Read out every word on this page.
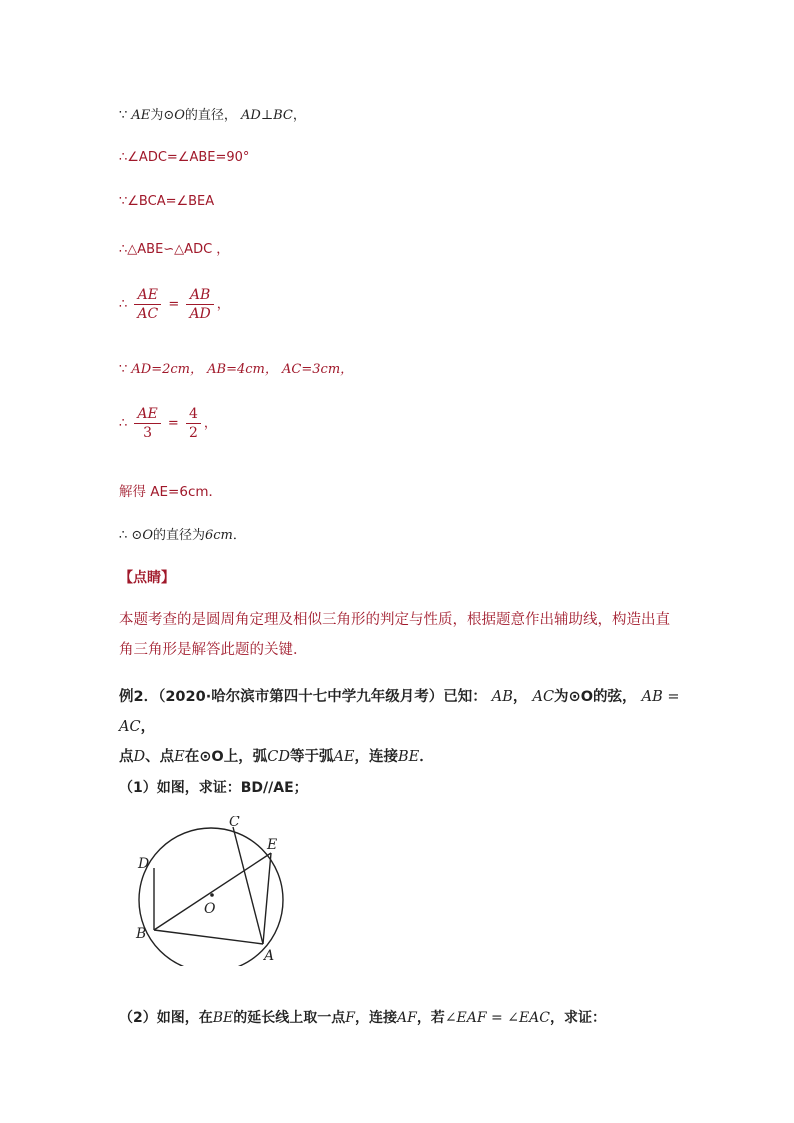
∵ AE为⊙O的直径， AD⊥BC，
∴∠ADC=∠ABE=90°
∵∠BCA=∠BEA
∴△ABE∽△ADC ，
∴ $\frac{AE}{AC} = \frac{AB}{AD}$ ，
∵ AD=2cm， AB=4cm， AC=3cm，
∴ $\frac{AE}{3} = \frac{4}{2}$ ，
解得 AE=6cm．
∴ ⊙O的直径为6cm．
【点睛】
本题考查的是圆周角定理及相似三角形的判定与性质，根据题意作出辅助线，构造出直角三角形是解答此题的关键．
例2．（2020·哈尔滨市第四十七中学九年级月考）已知： AB， AC为⊙O的弦， AB = AC，
点D、点E在⊙O上，弧CD等于弧AE，连接BE．
（1）如图，求证：BD//AE；
C
D
E
O
B
A
（2）如图，在BE的延长线上取一点F，连接AF，若∠EAF = ∠EAC，求证：
